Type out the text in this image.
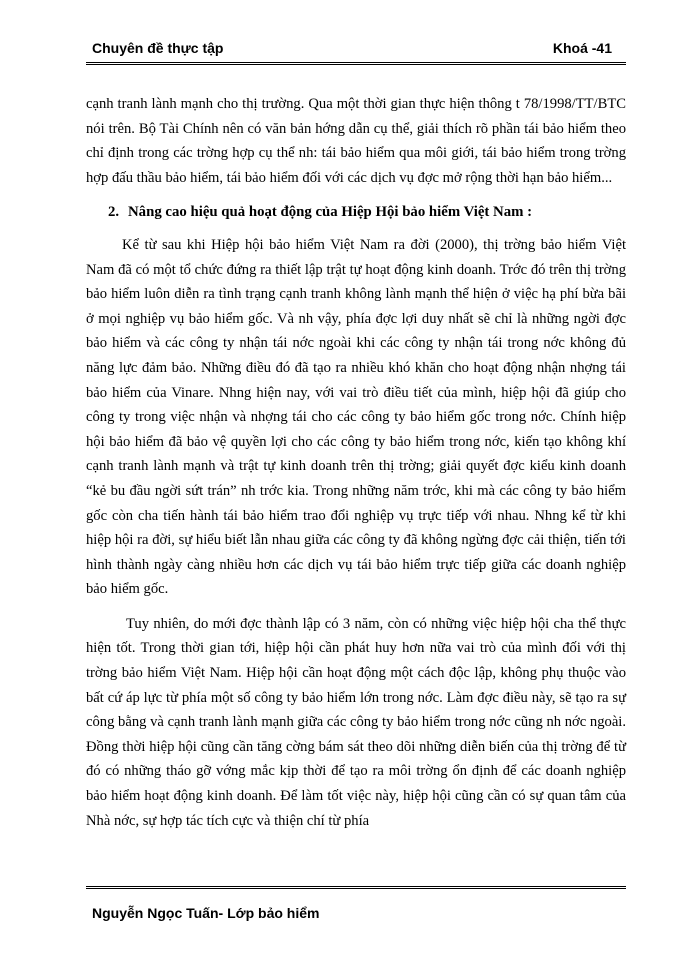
Chuyên đề thực tập	Khoá -41

cạnh tranh lành mạnh cho thị trường. Qua một thời gian thực hiện thông t 78/1998/TT/BTC nói trên. Bộ Tài Chính nên có văn bản hớng dẫn cụ thể, giải thích rõ phần tái bảo hiểm theo chỉ định trong các trờng hợp cụ thể nh: tái bảo hiểm qua môi giới, tái bảo hiểm trong trờng hợp đấu thầu bảo hiểm, tái bảo hiểm đối với các dịch vụ đợc mở rộng thời hạn bảo hiểm...

2. Nâng cao hiệu quả hoạt động của Hiệp Hội bảo hiểm Việt Nam :

Kể từ sau khi Hiệp hội bảo hiểm Việt Nam ra đời (2000), thị trờng bảo hiểm Việt Nam đã có một tổ chức đứng ra thiết lập trật tự hoạt động kinh doanh. Trớc đó trên thị trờng bảo hiểm luôn diễn ra tình trạng cạnh tranh không lành mạnh thể hiện ở việc hạ phí bừa bãi ở mọi nghiệp vụ bảo hiểm gốc. Và nh vậy, phía đợc lợi duy nhất sẽ chỉ là những ngời đợc bảo hiểm và các công ty nhận tái nớc ngoài khi các công ty nhận tái trong nớc không đủ năng lực đảm bảo. Những điều đó đã tạo ra nhiều khó khăn cho hoạt động nhận nhợng tái bảo hiểm của Vinare. Nhng hiện nay, với vai trò điều tiết của mình, hiệp hội đã giúp cho công ty trong việc nhận và nhợng tái cho các công ty bảo hiểm gốc trong nớc. Chính hiệp hội bảo hiểm đã bảo vệ quyền lợi cho các công ty bảo hiểm trong nớc, kiến tạo không khí cạnh tranh lành mạnh và trật tự kinh doanh trên thị trờng; giải quyết đợc kiểu kinh doanh “kẻ bu đầu ngời sứt trán” nh trớc kia. Trong những năm trớc, khi mà các công ty bảo hiểm gốc còn cha tiến hành tái bảo hiểm trao đổi nghiệp vụ trực tiếp với nhau. Nhng kể từ khi hiệp hội ra đời, sự hiểu biết lẫn nhau giữa các công ty đã không ngừng đợc cải thiện, tiến tới hình thành ngày càng nhiều hơn các dịch vụ tái bảo hiểm trực tiếp giữa các doanh nghiệp bảo hiểm gốc.

Tuy nhiên, do mới đợc thành lập có 3 năm, còn có những việc hiệp hội cha thể thực hiện tốt. Trong thời gian tới, hiệp hội cần phát huy hơn nữa vai trò của mình đối với thị trờng bảo hiểm Việt Nam. Hiệp hội cần hoạt động một cách độc lập, không phụ thuộc vào bất cứ áp lực từ phía một số công ty bảo hiểm lớn trong nớc. Làm đợc điều này, sẽ tạo ra sự công bằng và cạnh tranh lành mạnh giữa các công ty bảo hiểm trong nớc cũng nh nớc ngoài. Đồng thời hiệp hội cũng cần tăng cờng bám sát theo dõi những diễn biến của thị trờng để từ đó có những tháo gỡ vớng mắc kịp thời để tạo ra môi trờng ổn định để các doanh nghiệp bảo hiểm hoạt động kinh doanh. Để làm tốt việc này, hiệp hội cũng cần có sự quan tâm của Nhà nớc, sự hợp tác tích cực và thiện chí từ phía

Nguyễn Ngọc Tuấn- Lớp bảo hiểm
